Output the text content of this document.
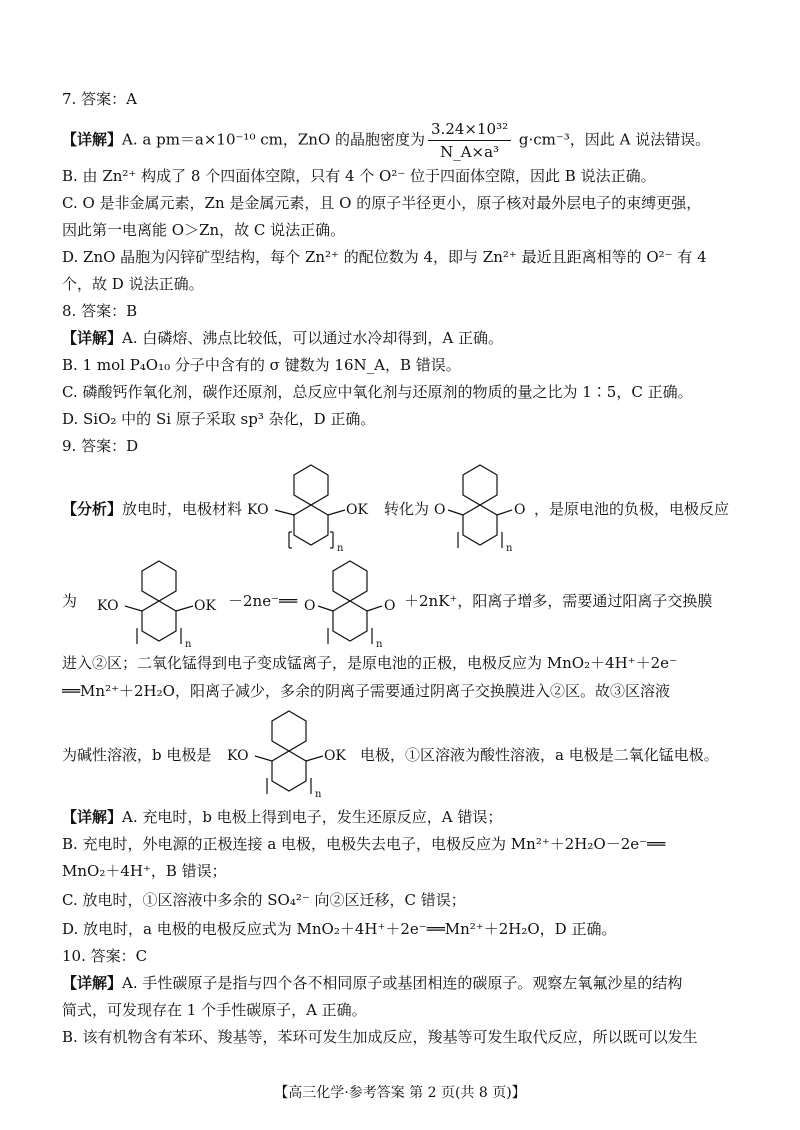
7. 答案：A
【详解】A. a pm＝a×10⁻¹⁰ cm，ZnO 的晶胞密度为 $\frac{\text{3.24×10³²}}{\text{N\_A×a³}} g\cdot cm^{-3}$，因此 A 说法错误。
B. 由 Zn²⁺ 构成了 8 个四面体空隙，只有 4 个 O²⁻ 位于四面体空隙，因此 B 说法正确。
C. O 是非金属元素，Zn 是金属元素，且 O 的原子半径更小，原子核对最外层电子的束缚更强，
因此第一电离能 O＞Zn，故 C 说法正确。
D. ZnO 晶胞为闪锌矿型结构，每个 Zn²⁺ 的配位数为 4，即与 Zn²⁺ 最近且距离相等的 O²⁻ 有 4
个，故 D 说法正确。
8. 答案：B
【详解】A. 白磷熔、沸点比较低，可以通过水冷却得到，A 正确。
B. 1 mol P₄O₁₀ 分子中含有的 σ 键数为 16N_A，B 错误。
C. 磷酸钙作氧化剂，碳作还原剂，总反应中氧化剂与还原剂的物质的量之比为 1∶5，C 正确。
D. SiO₂ 中的 Si 原子采取 sp³ 杂化，D 正确。
9. 答案：D
【分析】放电时，电极材料 KO	OK
n
转化为 O	O
n
，是原电池的负极，电极反应
为 KO	OK
n
－2ne⁻══ O	O
n
＋2nK⁺，阳离子增多，需要通过阳离子交换膜
进入②区；二氧化锰得到电子变成锰离子，是原电池的正极，电极反应为 MnO₂＋4H⁺＋2e⁻
══Mn²⁺＋2H₂O，阳离子减少，多余的阴离子需要通过阴离子交换膜进入②区。故③区溶液
为碱性溶液，b 电极是 KO	OK
n
电极，①区溶液为酸性溶液，a 电极是二氧化锰电极。
【详解】A. 充电时，b 电极上得到电子，发生还原反应，A 错误；
B. 充电时，外电源的正极连接 a 电极，电极失去电子，电极反应为 Mn²⁺＋2H₂O－2e⁻══
MnO₂＋4H⁺，B 错误；
C. 放电时，①区溶液中多余的 SO₄²⁻ 向②区迁移，C 错误；
D. 放电时，a 电极的电极反应式为 MnO₂＋4H⁺＋2e⁻══Mn²⁺＋2H₂O，D 正确。
10. 答案：C
【详解】A. 手性碳原子是指与四个各不相同原子或基团相连的碳原子。观察左氧氟沙星的结构
简式，可发现存在 1 个手性碳原子，A 正确。
B. 该有机物含有苯环、羧基等，苯环可发生加成反应，羧基等可发生取代反应，所以既可以发生
【高三化学·参考答案 第 2 页(共 8 页)】
